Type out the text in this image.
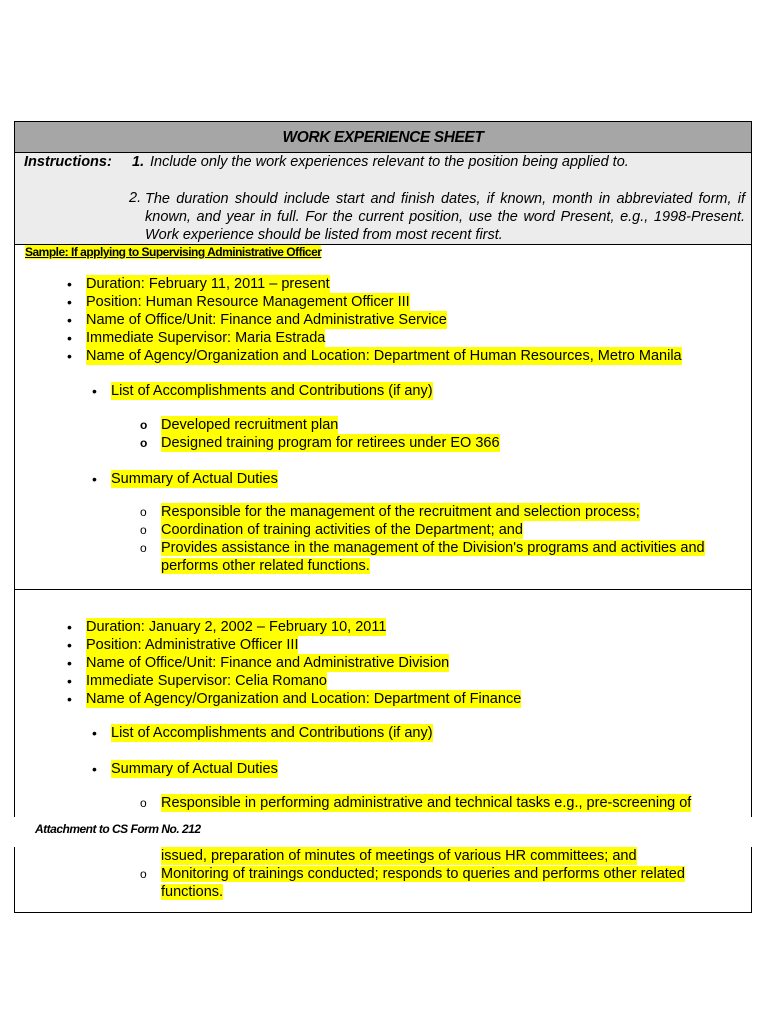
WORK EXPERIENCE SHEET
Instructions: 1. Include only the work experiences relevant to the position being applied to.
2. The duration should include start and finish dates, if known, month in abbreviated form, if known, and year in full. For the current position, use the word Present, e.g., 1998-Present. Work experience should be listed from most recent first.
Sample: If applying to Supervising Administrative Officer
• Duration: February 11, 2011 – present
• Position: Human Resource Management Officer III
• Name of Office/Unit: Finance and Administrative Service
• Immediate Supervisor: Maria Estrada
• Name of Agency/Organization and Location: Department of Human Resources, Metro Manila
• List of Accomplishments and Contributions (if any)
o Developed recruitment plan
o Designed training program for retirees under EO 366
• Summary of Actual Duties
o Responsible for the management of the recruitment and selection process;
o Coordination of training activities of the Department; and
o Provides assistance in the management of the Division's programs and activities and performs other related functions.
• Duration: January 2, 2002 – February 10, 2011
• Position: Administrative Officer III
• Name of Office/Unit: Finance and Administrative Division
• Immediate Supervisor: Celia Romano
• Name of Agency/Organization and Location: Department of Finance
• List of Accomplishments and Contributions (if any)
• Summary of Actual Duties
o Responsible in performing administrative and technical tasks e.g., pre-screening of
issued, preparation of minutes of meetings of various HR committees; and
o Monitoring of trainings conducted; responds to queries and performs other related functions.
Attachment to CS Form No. 212
